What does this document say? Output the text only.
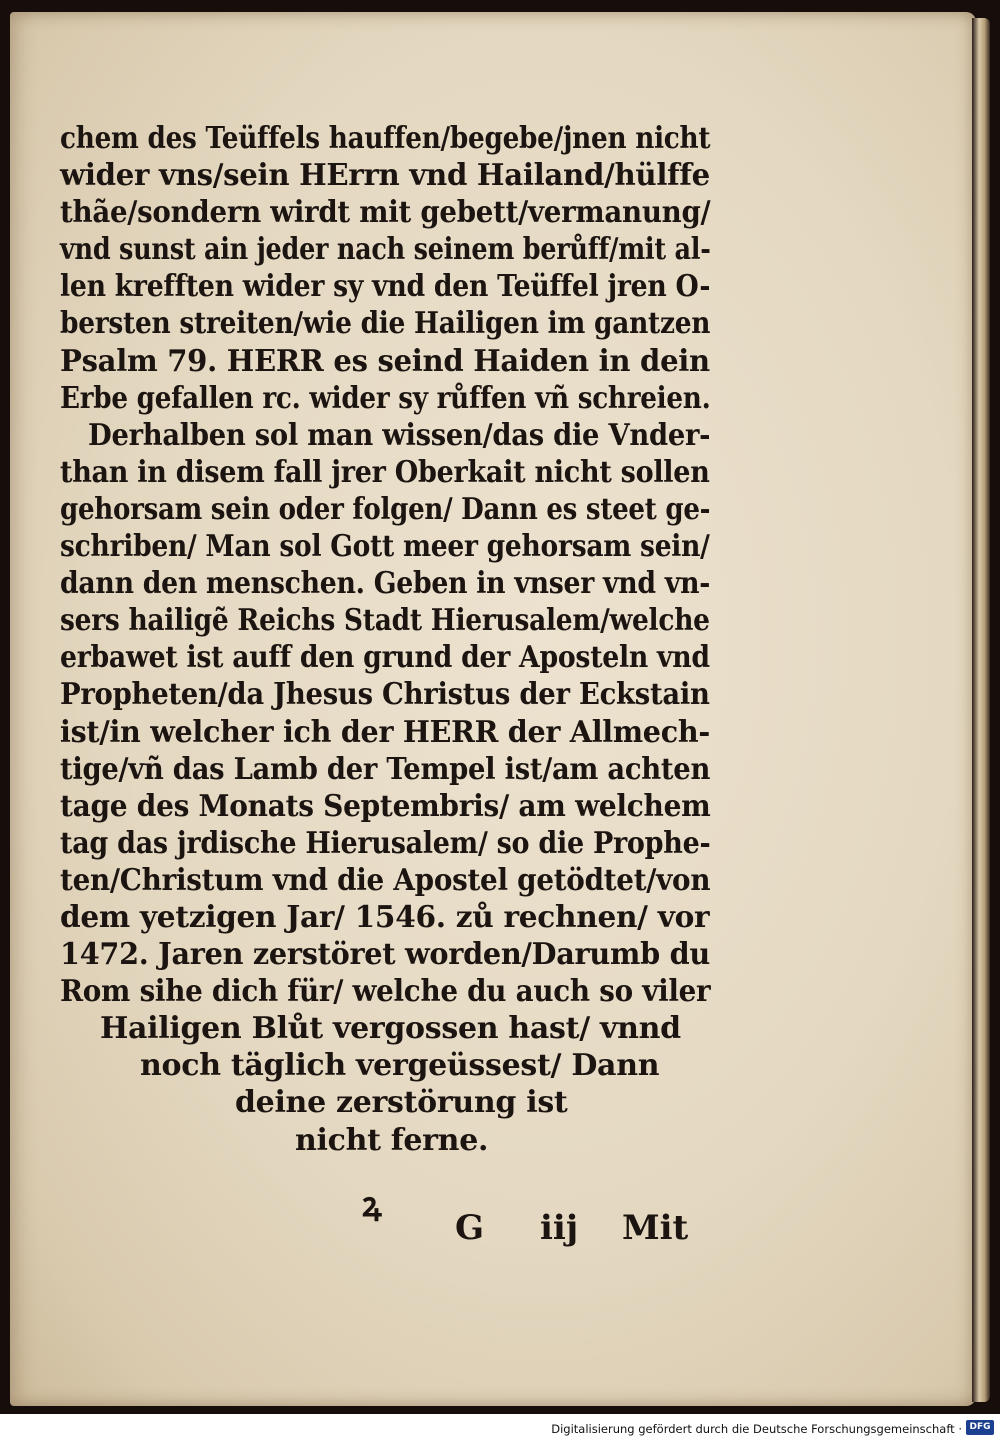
chem des Teüffels hauffen/begebe/jnen nicht
wider vns/sein HErrn vnd Hailand/hülffe
thãe/sondern wirdt mit gebett/vermanung/
vnd sunst ain jeder nach seinem berůff/mit al-
len krefften wider sy vnd den Teüffel jren O-
bersten streiten/wie die Hailigen im gantzen
Psalm 79. HERR es seind Haiden in dein
Erbe gefallen rc. wider sy růffen vñ schreien.
Derhalben sol man wissen/das die Vnder-
than in disem fall jrer Oberkait nicht sollen
gehorsam sein oder folgen/ Dann es steet ge-
schriben/ Man sol Gott meer gehorsam sein/
dann den menschen. Geben in vnser vnd vn-
sers hailigẽ Reichs Stadt Hierusalem/welche
erbawet ist auff den grund der Aposteln vnd
Propheten/da Jhesus Christus der Eckstain
ist/in welcher ich der HERR der Allmech-
tige/vñ das Lamb der Tempel ist/am achten
tage des Monats Septembris/ am welchem
tag das jrdische Hierusalem/ so die Prophe-
ten/Christum vnd die Apostel getödtet/von
dem yetzigen Jar/ 1546. zů rechnen/ vor
1472. Jaren zerstöret worden/Darumb du
Rom sihe dich für/ welche du auch so viler
Hailigen Blůt vergossen hast/ vnnd
noch täglich vergeüssest/ Dann
deine zerstörung ist
nicht ferne.
ꝝ
G iij Mit
Digitalisierung gefördert durch die Deutsche Forschungsgemeinschaft · DFG
